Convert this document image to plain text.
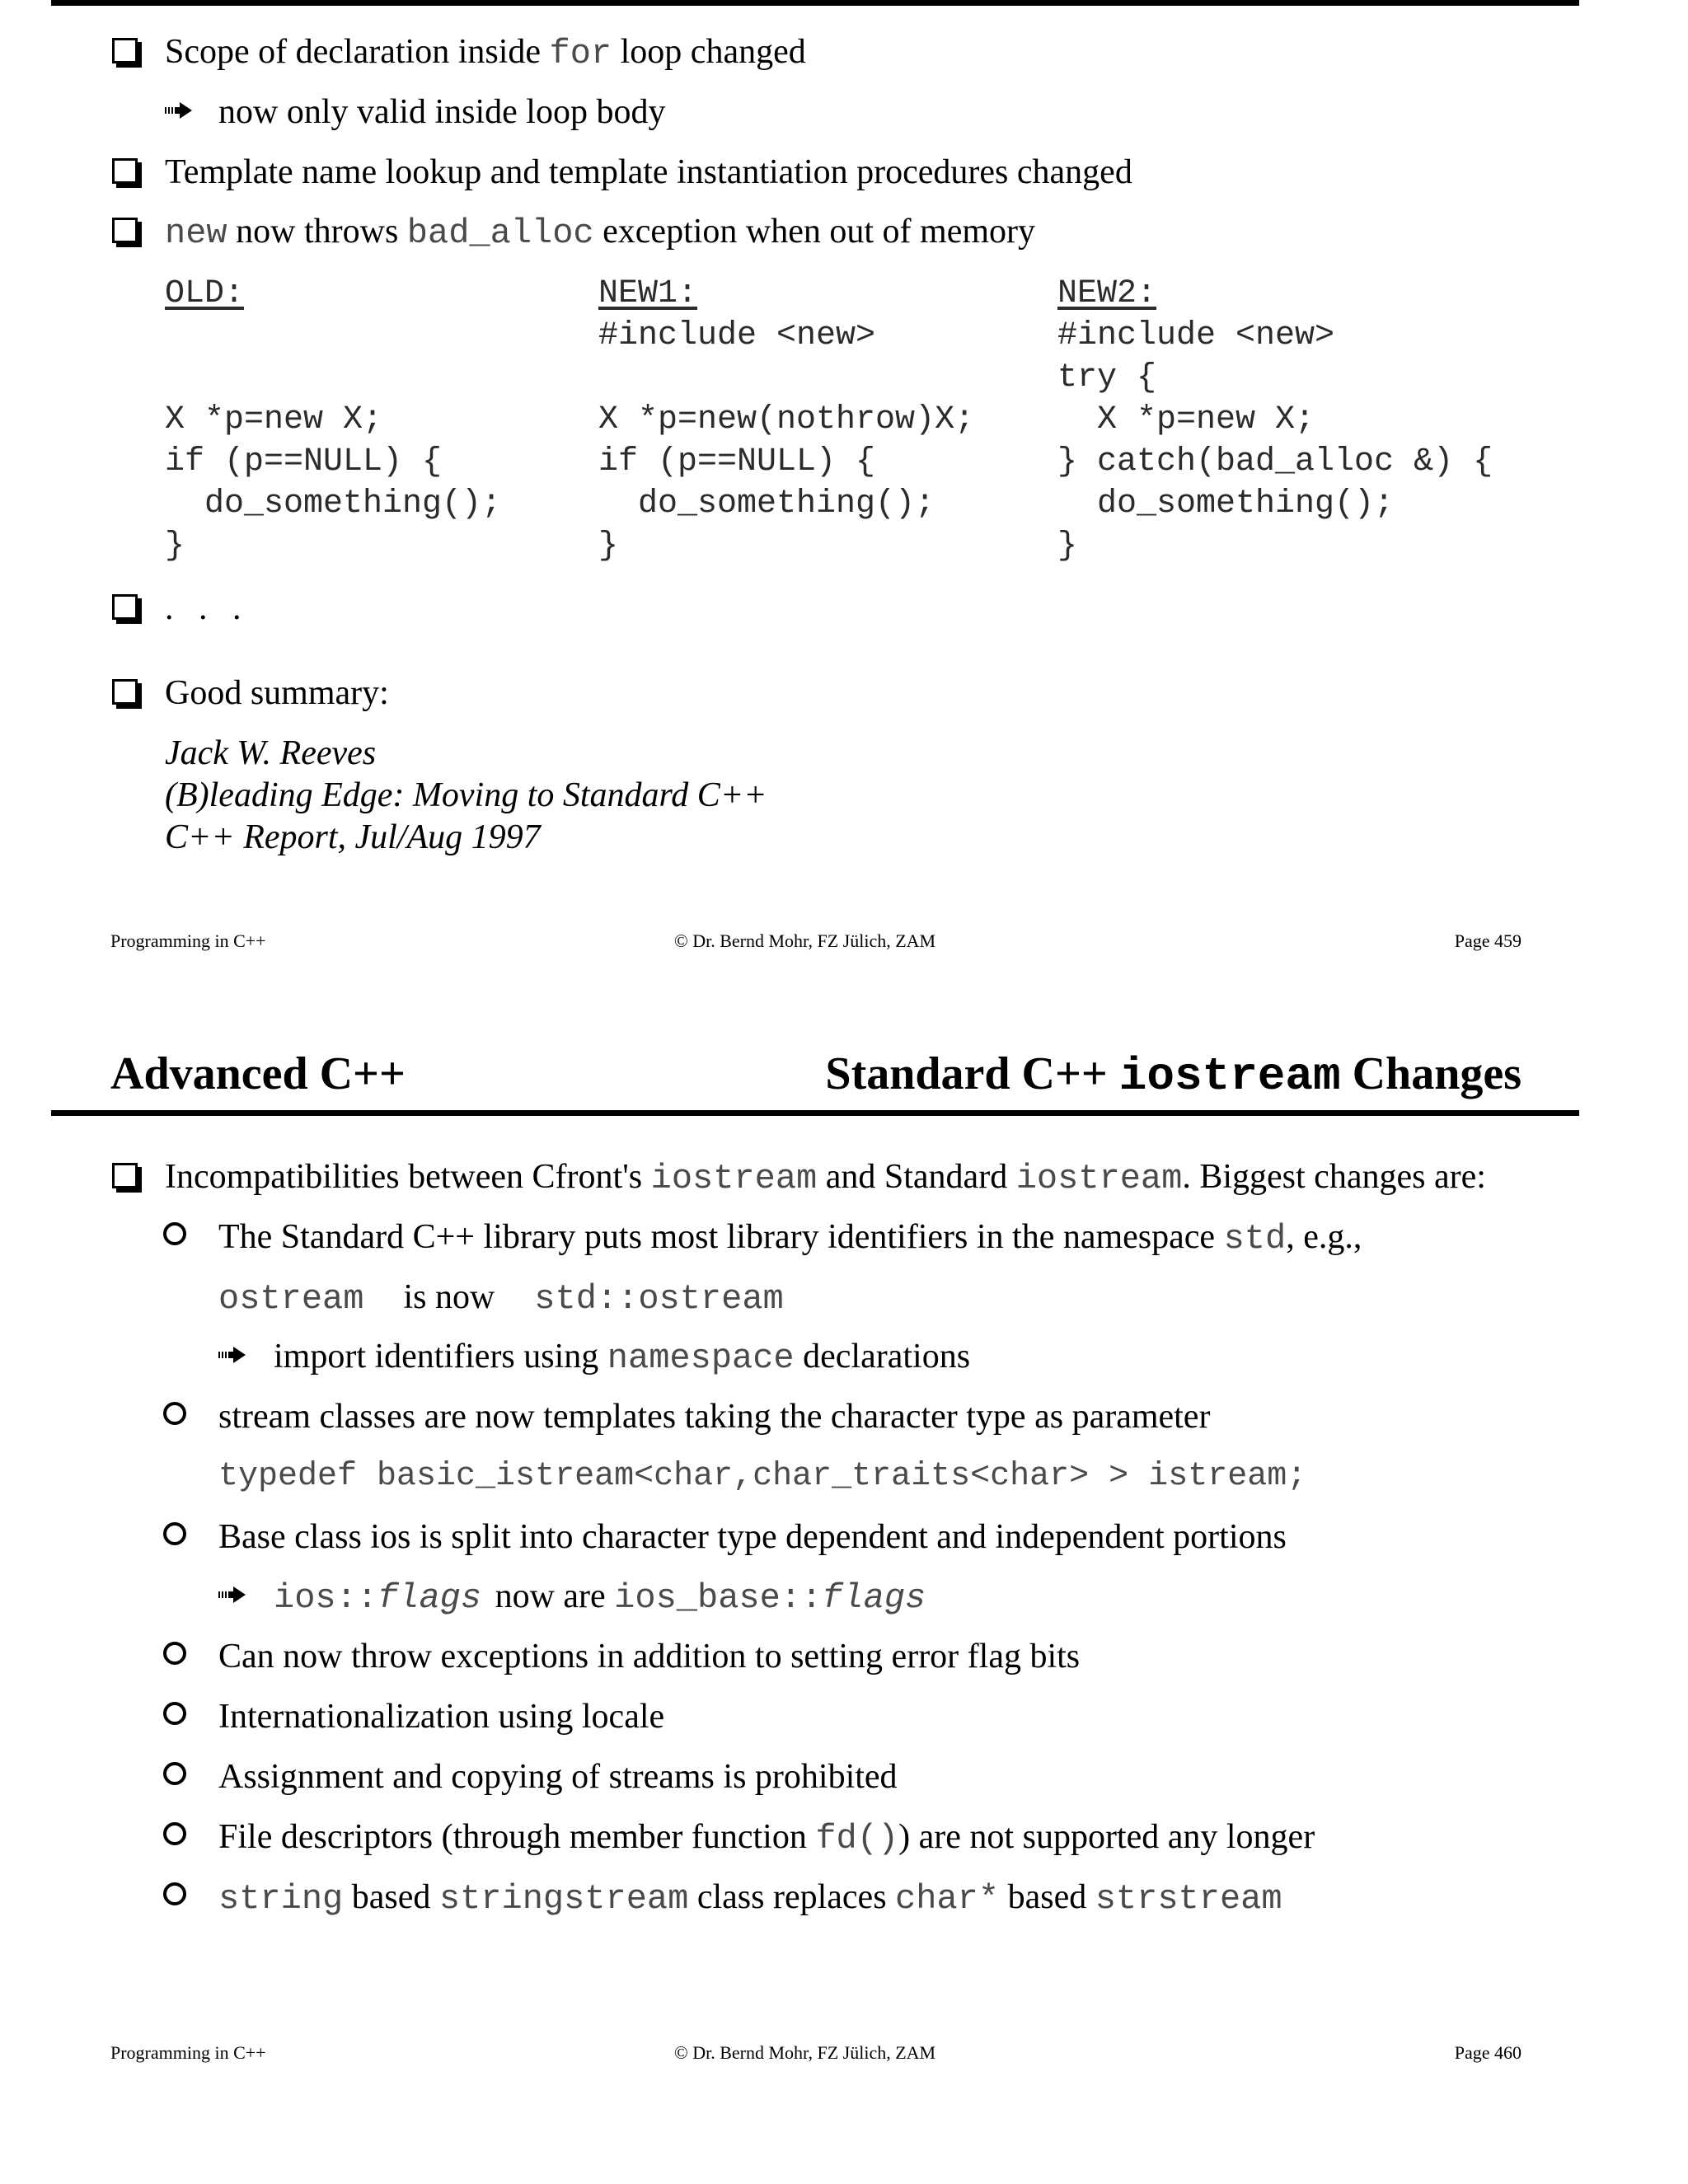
Scope of declaration inside for loop changed
now only valid inside loop body
Template name lookup and template instantiation procedures changed
new now throws bad_alloc exception when out of memory
OLD:

X *p=new X;
if (p==NULL) {
do_something();
}
NEW1:
#include <new>

X *p=new(nothrow)X;
if (p==NULL) {
do_something();
}
NEW2:
#include <new>
try {
X *p=new X;
} catch(bad_alloc &) {
do_something();
}
. . .
Good summary:
Jack W. Reeves
(B)leading Edge: Moving to Standard C++
C++ Report, Jul/Aug 1997
Programming in C++	© Dr. Bernd Mohr, FZ Jülich, ZAM	Page 459
Advanced C++	Standard C++ iostream Changes
Incompatibilities between Cfront's iostream and Standard iostream. Biggest changes are:
The Standard C++ library puts most library identifiers in the namespace std, e.g.,
ostream is now std::ostream
import identifiers using namespace declarations
stream classes are now templates taking the character type as parameter
typedef basic_istream<char,char_traits<char> > istream;
Base class ios is split into character type dependent and independent portions
ios::flags now are ios_base::flags
Can now throw exceptions in addition to setting error flag bits
Internationalization using locale
Assignment and copying of streams is prohibited
File descriptors (through member function fd()) are not supported any longer
string based stringstream class replaces char* based strstream
Programming in C++	© Dr. Bernd Mohr, FZ Jülich, ZAM	Page 460
